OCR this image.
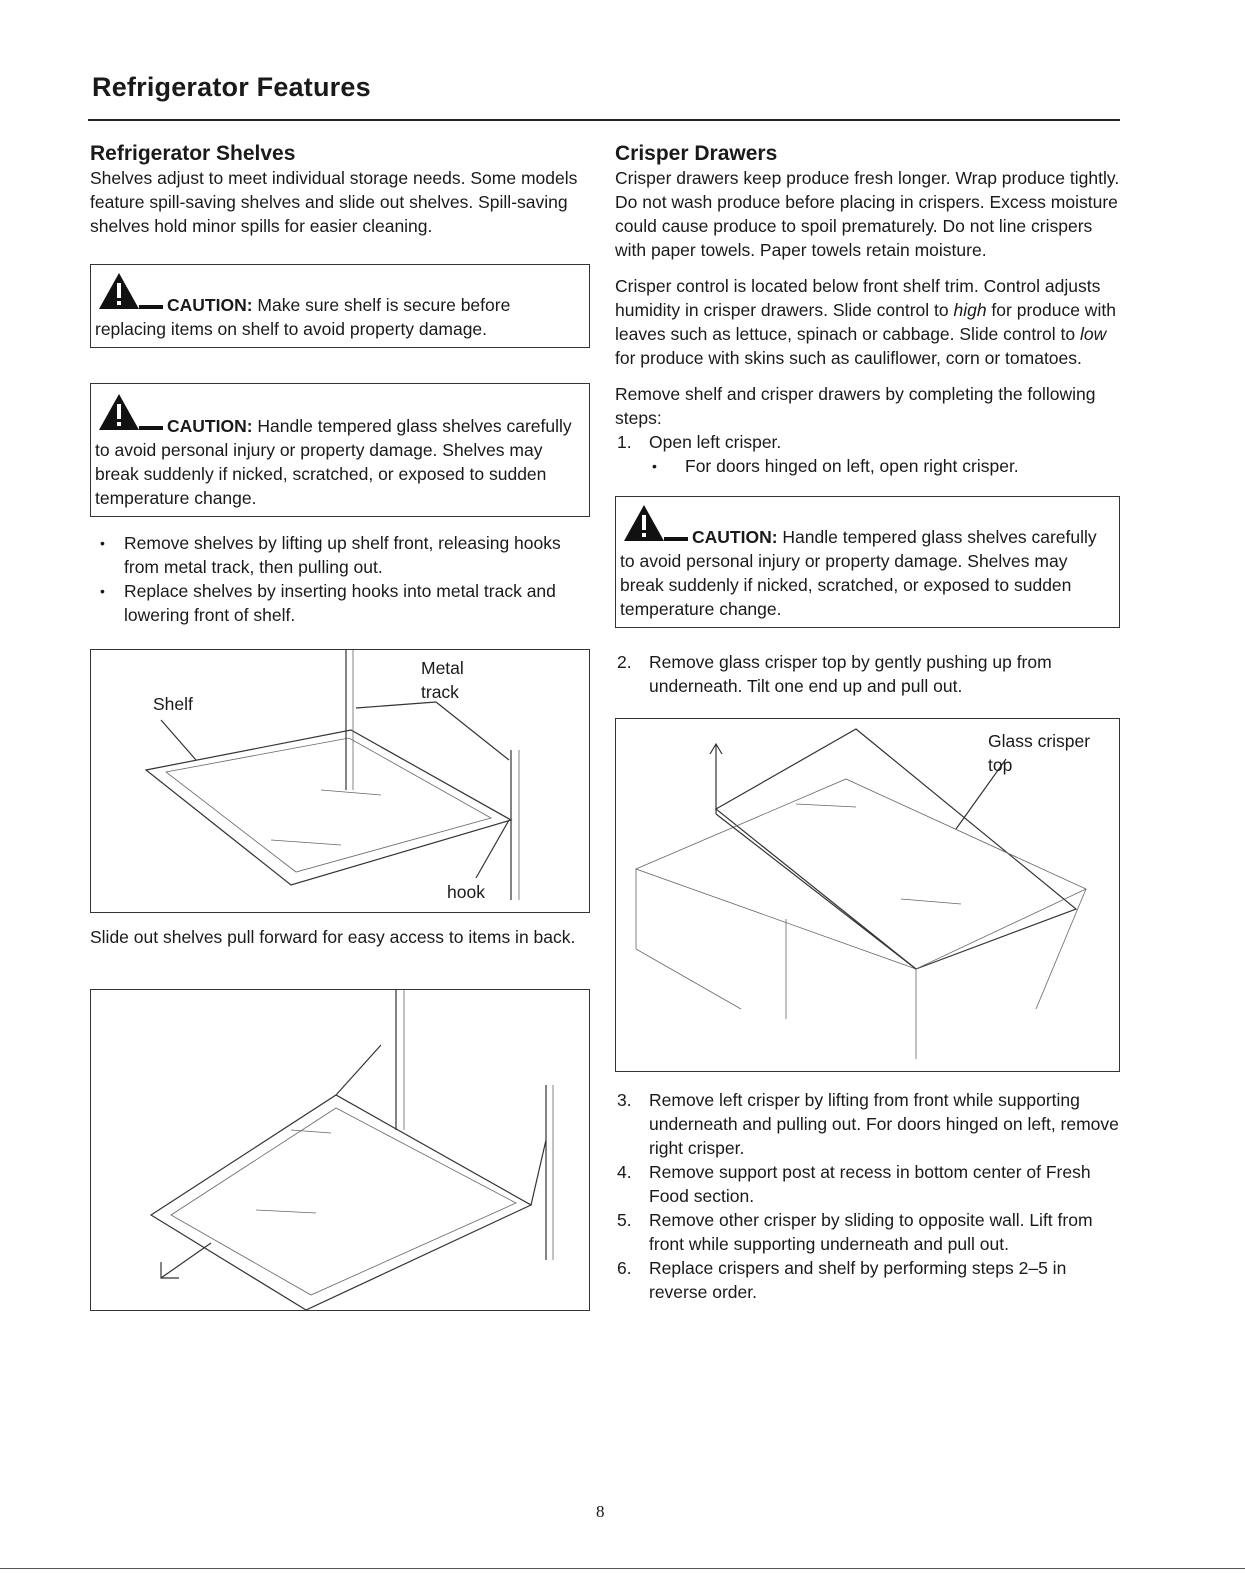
Refrigerator Features
Refrigerator Shelves

Shelves adjust to meet individual storage needs. Some models feature spill-saving shelves and slide out shelves. Spill-saving shelves hold minor spills for easier cleaning.

CAUTION: Make sure shelf is secure before replacing items on shelf to avoid property damage.
CAUTION: Handle tempered glass shelves carefully to avoid personal injury or property damage. Shelves may break suddenly if nicked, scratched, or exposed to sudden temperature change.
• Remove shelves by lifting up shelf front, releasing hooks from metal track, then pulling out.
• Replace shelves by inserting hooks into metal track and lowering front of shelf.
Shelf
Metal
track
hook

Slide out shelves pull forward for easy access to items in back.

Crisper Drawers

Crisper drawers keep produce fresh longer. Wrap produce tightly. Do not wash produce before placing in crispers. Excess moisture could cause produce to spoil prematurely. Do not line crispers with paper towels. Paper towels retain moisture.

Crisper control is located below front shelf trim. Control adjusts humidity in crisper drawers. Slide control to high for produce with leaves such as lettuce, spinach or cabbage. Slide control to low for produce with skins such as cauliflower, corn or tomatoes.

Remove shelf and crisper drawers by completing the following steps:

1. Open left crisper.
• For doors hinged on left, open right crisper.
CAUTION: Handle tempered glass shelves carefully to avoid personal injury or property damage. Shelves may break suddenly if nicked, scratched, or exposed to sudden temperature change.
2. Remove glass crisper top by gently pushing up from underneath. Tilt one end up and pull out.
Glass crisper
top
3. Remove left crisper by lifting from front while supporting underneath and pulling out. For doors hinged on left, remove right crisper.
4. Remove support post at recess in bottom center of Fresh Food section.
5. Remove other crisper by sliding to opposite wall. Lift from front while supporting underneath and pull out.
6. Replace crispers and shelf by performing steps 2–5 in reverse order.
8
